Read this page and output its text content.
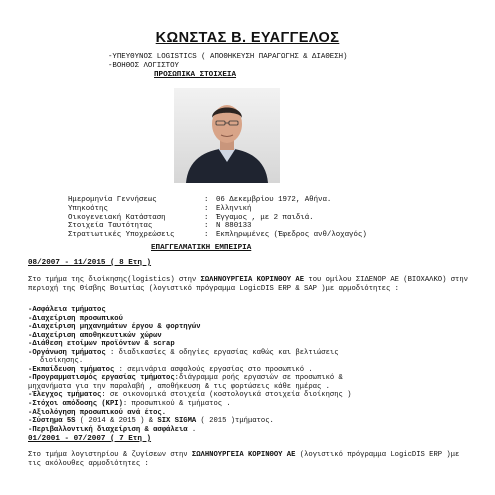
ΚΩΝΣΤΑΣ Β. ΕΥΑΓΓΕΛΟΣ
-ΥΠΕΥΘΥΝΟΣ LOGISTICS ( ΑΠΟΘΗΚΕΥΣΗ ΠΑΡΑΓΩΓΗΣ & ΔΙΑΘΕΣΗ)
-ΒΟΗΘΟΣ ΛΟΓΙΣΤΟΥ
ΠΡΟΣΩΠΙΚΑ ΣΤΟΙΧΕΙΑ
Ημερομηνία Γεννήσεως	:	06 Δεκεμβρίου 1972, Αθήνα.
Υπηκοότης	:	Ελληνική
Οικογενειακή Κατάσταση	:	Έγγαμος , με 2 παιδιά.
Στοιχεία Ταυτότητας	:	Ν 880133
Στρατιωτικές Υποχρεώσεις	:	Εκπληρωμένες (Έφεδρος ανθ/λοχαγός)
ΕΠΑΓΓΕΛΜΑΤΙΚΗ ΕΜΠΕΙΡΙΑ
08/2007 - 11/2015 ( 8 Ετη )
Στο τμήμα της διοίκησης(logistics) στην ΣΩΛΗΝΟΥΡΓΕΙΑ ΚΟΡΙΝΘΟΥ ΑΕ του ομίλου ΣΙΔΕΝΟΡ ΑΕ (ΒΙΟΧΑΛΚΟ) στην περιοχή της Θίσβης Βοιωτίας (λογιστικό πρόγραμμα LogicDIS ERP & SAP )με αρμοδιότητες :
-Ασφάλεια τμήματος
-Διαχείριση προσωπικού
-Διαχείριση μηχανημάτων έργου & φορτηγών
-Διαχείριση αποθηκευτικών χώρων
-Διάθεση ετοίμων προϊόντων & scrap
-Οργάνωση τμήματος : διαδικασίες & οδηγίες εργασίας καθώς και βελτιώσεις
διοίκησης.
-Εκπαίδευση τμήματος : σεμινάρια ασφαλούς εργασίας στο προσωπικό .
-Προγραμματισμός εργασίας τμήματος:διάγραμμα ροής εργασιών σε προσωπικό &
μηχανήματα για την παραλαβή , αποθήκευση & τις φορτώσεις κάθε ημέρας .
-Έλεγχος τμήματος: σε οικονομικά στοιχεία (κοστολογικά στοιχεία διοίκησης )
-Στόχοι απόδοσης (KPI): προσωπικού & τμήματος .
-Αξιολόγηση προσωπικού ανά έτος.
-Σύστημα 5S ( 2014 & 2015 ) & SIX SIGMA ( 2015 )τμήματος.
-Περιβαλλοντική διαχείριση & ασφάλεια .
01/2001 - 07/2007 ( 7 Ετη )
Στο τμήμα λογιστηρίου & ζυγίσεων στην ΣΩΛΗΝΟΥΡΓΕΙΑ ΚΟΡΙΝΘΟΥ ΑΕ (λογιστικό πρόγραμμα LogicDIS ERP )με τις ακόλουθες αρμοδιότητες :
